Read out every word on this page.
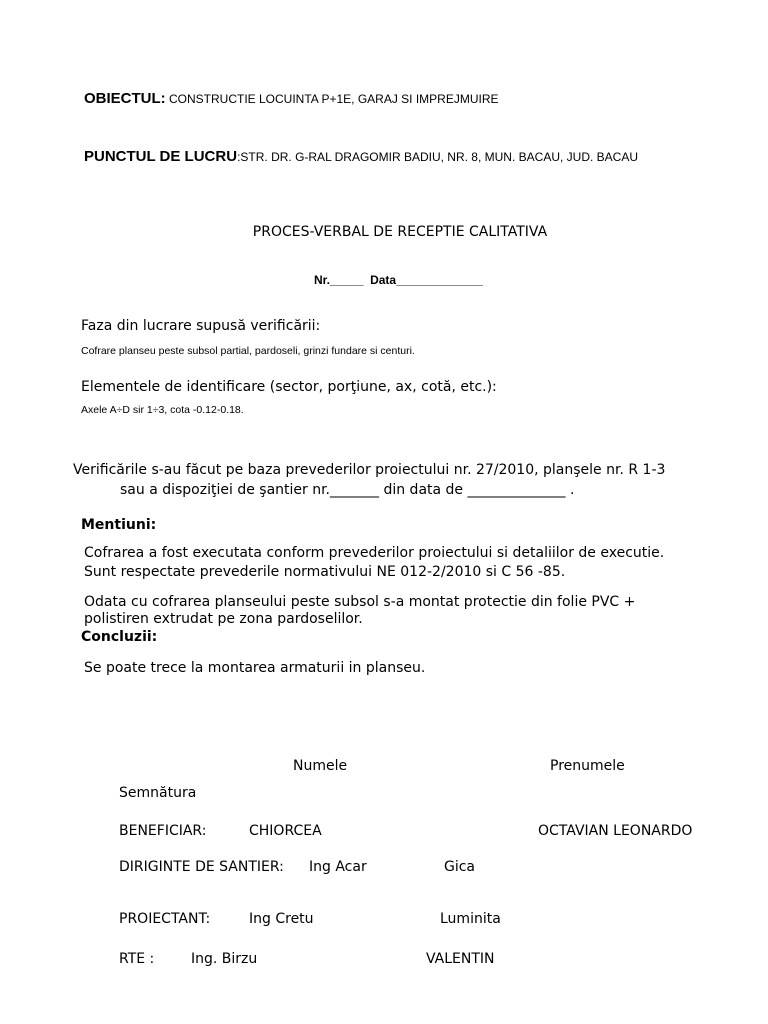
OBIECTUL: CONSTRUCTIE LOCUINTA P+1E, GARAJ SI IMPREJMUIRE
PUNCTUL DE LUCRU:STR. DR. G-RAL DRAGOMIR BADIU, NR. 8, MUN. BACAU, JUD. BACAU
PROCES-VERBAL DE RECEPTIE CALITATIVA
Nr._____ Data_____________
Faza din lucrare supusă verificării:
Cofrare planseu peste subsol partial, pardoseli, grinzi fundare si centuri.
Elementele de identificare (sector, porţiune, ax, cotă, etc.):
Axele A÷D sir 1÷3, cota -0.12-0.18.
Verificările s-au făcut pe baza prevederilor proiectului nr. 27/2010, planşele nr. R 1-3
sau a dispoziţiei de şantier nr._______ din data de ______________ .
Mentiuni:
Cofrarea a fost executata conform prevederilor proiectului si detaliilor de executie.
Sunt respectate prevederile normativului NE 012-2/2010 si C 56 -85.
Odata cu cofrarea planseului peste subsol s-a montat protectie din folie PVC +
polistiren extrudat pe zona pardoselilor.
Concluzii:
Se poate trece la montarea armaturii in planseu.
Numele	Prenumele
Semnătura
BENEFICIAR:	CHIORCEA	OCTAVIAN LEONARDO
DIRIGINTE DE SANTIER: Ing Acar	Gica
PROIECTANT:	Ing Cretu	Luminita
RTE :	Ing. Birzu	VALENTIN
